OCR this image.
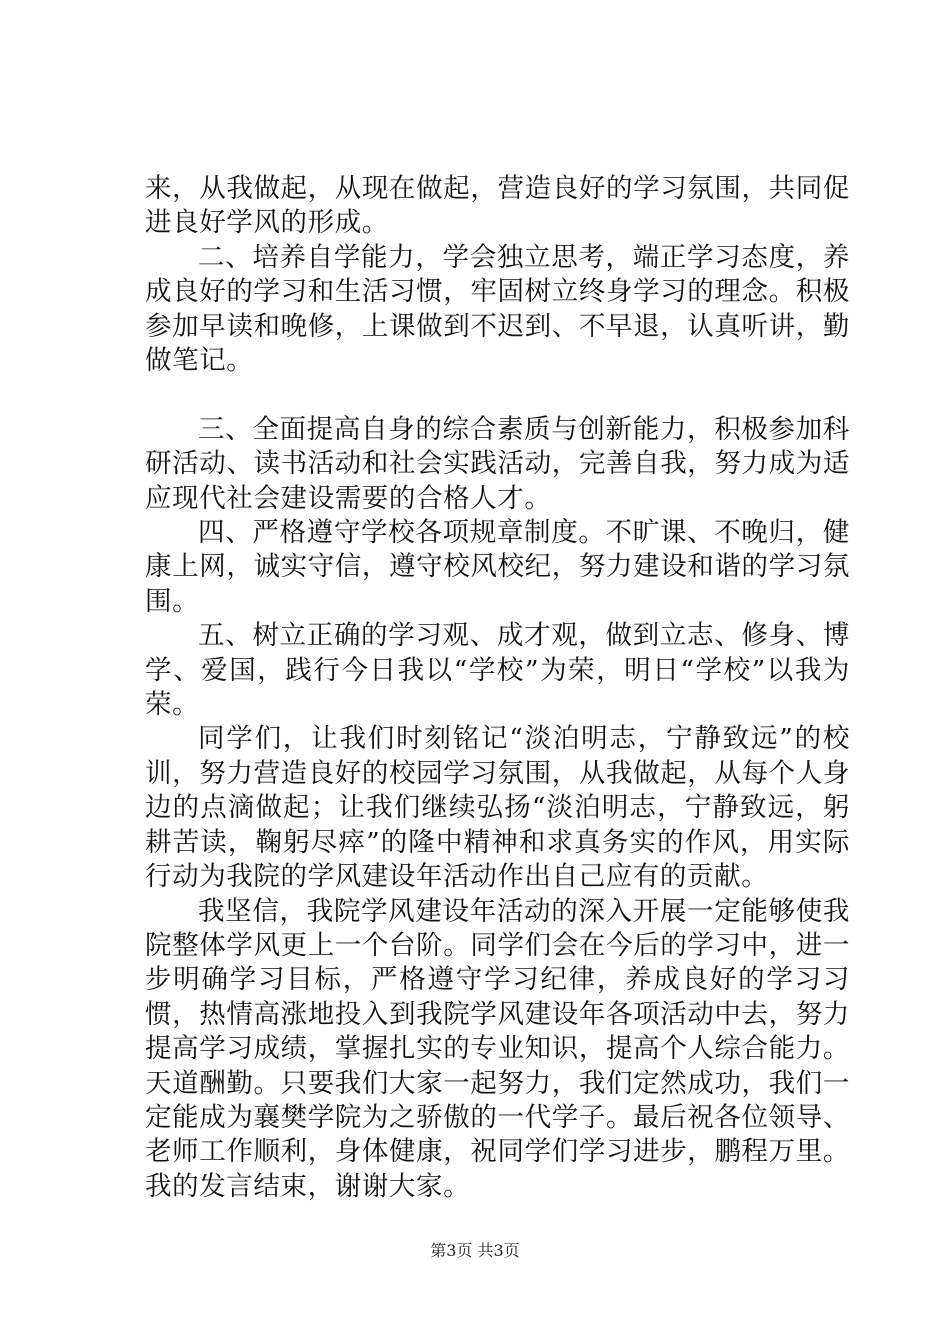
来，从我做起，从现在做起，营造良好的学习氛围，共同促进良好学风的形成。

二、培养自学能力，学会独立思考，端正学习态度，养成良好的学习和生活习惯，牢固树立终身学习的理念。积极参加早读和晚修，上课做到不迟到、不早退，认真听讲，勤做笔记。

三、全面提高自身的综合素质与创新能力，积极参加科研活动、读书活动和社会实践活动，完善自我，努力成为适应现代社会建设需要的合格人才。

四、严格遵守学校各项规章制度。不旷课、不晚归，健康上网，诚实守信，遵守校风校纪，努力建设和谐的学习氛围。

五、树立正确的学习观、成才观，做到立志、修身、博学、爱国，践行今日我以“学校”为荣，明日“学校”以我为荣。

同学们，让我们时刻铭记“淡泊明志，宁静致远”的校训，努力营造良好的校园学习氛围，从我做起，从每个人身边的点滴做起；让我们继续弘扬“淡泊明志，宁静致远，躬耕苦读，鞠躬尽瘁”的隆中精神和求真务实的作风，用实际行动为我院的学风建设年活动作出自己应有的贡献。

我坚信，我院学风建设年活动的深入开展一定能够使我院整体学风更上一个台阶。同学们会在今后的学习中，进一步明确学习目标，严格遵守学习纪律，养成良好的学习习惯，热情高涨地投入到我院学风建设年各项活动中去，努力提高学习成绩，掌握扎实的专业知识，提高个人综合能力。天道酬勤。只要我们大家一起努力，我们定然成功，我们一定能成为襄樊学院为之骄傲的一代学子。最后祝各位领导、老师工作顺利，身体健康，祝同学们学习进步，鹏程万里。我的发言结束，谢谢大家。

第3页 共3页
